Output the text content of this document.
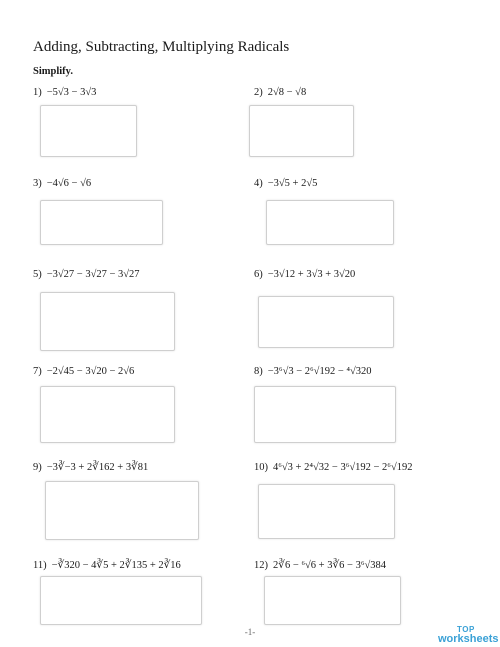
Adding, Subtracting, Multiplying Radicals
Simplify.
1) −5√3 − 3√3	2) 2√8 − √8
3) −4√6 − √6	4) −3√5 + 2√5
5) −3√27 − 3√27 − 3√27	6) −3√12 + 3√3 + 3√20
7) −2√45 − 3√20 − 2√6	8) −3⁶√3 − 2⁶√192 − ⁴√320
9) −3∛−3 + 2∛162 + 3∛81	10) 4⁶√3 + 2⁴√32 − 3⁶√192 − 2⁶√192
11) −∛320 − 4∛5 + 2∛135 + 2∛16	12) 2∛6 − ⁶√6 + 3∛6 − 3⁶√384
-1-	TOP
worksheets
